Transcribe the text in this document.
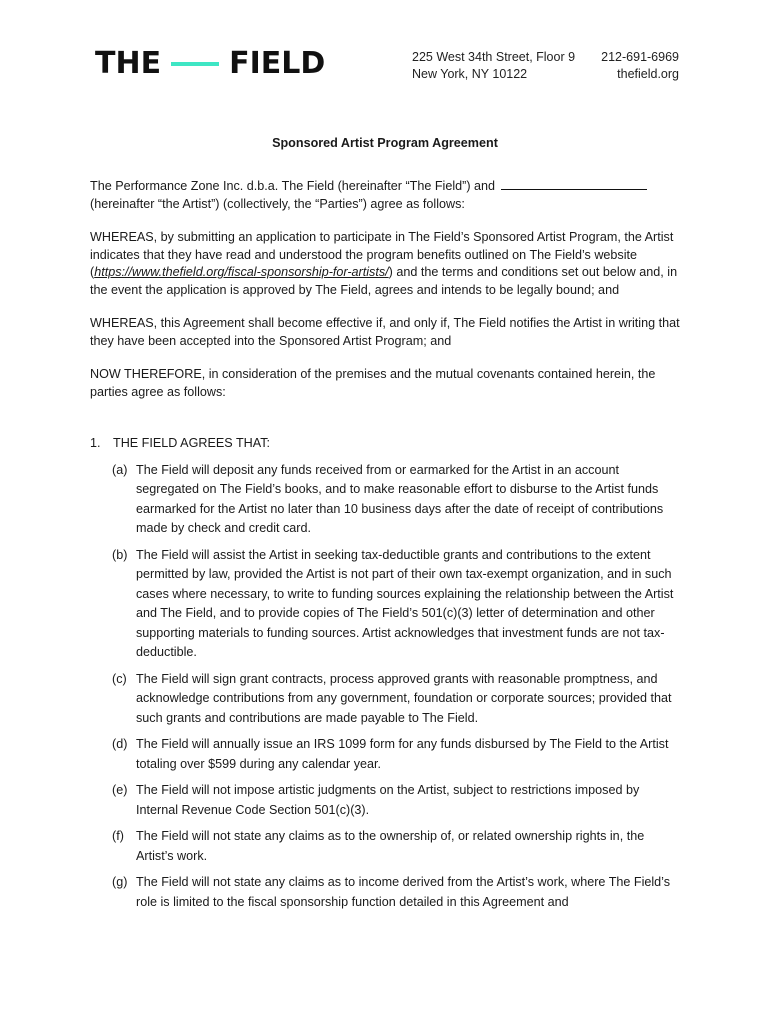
THE FIELD	225 West 34th Street, Floor 9
New York, NY 10122
212-691-6969
thefield.org
Sponsored Artist Program Agreement

The Performance Zone Inc. d.b.a. The Field (hereinafter “The Field”) and  (hereinafter “the Artist”) (collectively, the “Parties”) agree as follows:

WHEREAS, by submitting an application to participate in The Field’s Sponsored Artist Program, the Artist indicates that they have read and understood the program benefits outlined on The Field’s website (https://www.thefield.org/fiscal-sponsorship-for-artists/) and the terms and conditions set out below and, in the event the application is approved by The Field, agrees and intends to be legally bound; and

WHEREAS, this Agreement shall become effective if, and only if, The Field notifies the Artist in writing that they have been accepted into the Sponsored Artist Program; and

NOW THEREFORE, in consideration of the premises and the mutual covenants contained herein, the parties agree as follows:

1. THE FIELD AGREES THAT:
(a) The Field will deposit any funds received from or earmarked for the Artist in an account segregated on The Field’s books, and to make reasonable effort to disburse to the Artist funds earmarked for the Artist no later than 10 business days after the date of receipt of contributions made by check and credit card.
(b) The Field will assist the Artist in seeking tax-deductible grants and contributions to the extent permitted by law, provided the Artist is not part of their own tax-exempt organization, and in such cases where necessary, to write to funding sources explaining the relationship between the Artist and The Field, and to provide copies of The Field’s 501(c)(3) letter of determination and other supporting materials to funding sources. Artist acknowledges that investment funds are not tax-deductible.
(c) The Field will sign grant contracts, process approved grants with reasonable promptness, and acknowledge contributions from any government, foundation or corporate sources; provided that such grants and contributions are made payable to The Field.
(d) The Field will annually issue an IRS 1099 form for any funds disbursed by The Field to the Artist totaling over $599 during any calendar year.
(e) The Field will not impose artistic judgments on the Artist, subject to restrictions imposed by Internal Revenue Code Section 501(c)(3).
(f) The Field will not state any claims as to the ownership of, or related ownership rights in, the Artist’s work.
(g) The Field will not state any claims as to income derived from the Artist’s work, where The Field’s role is limited to the fiscal sponsorship function detailed in this Agreement and
